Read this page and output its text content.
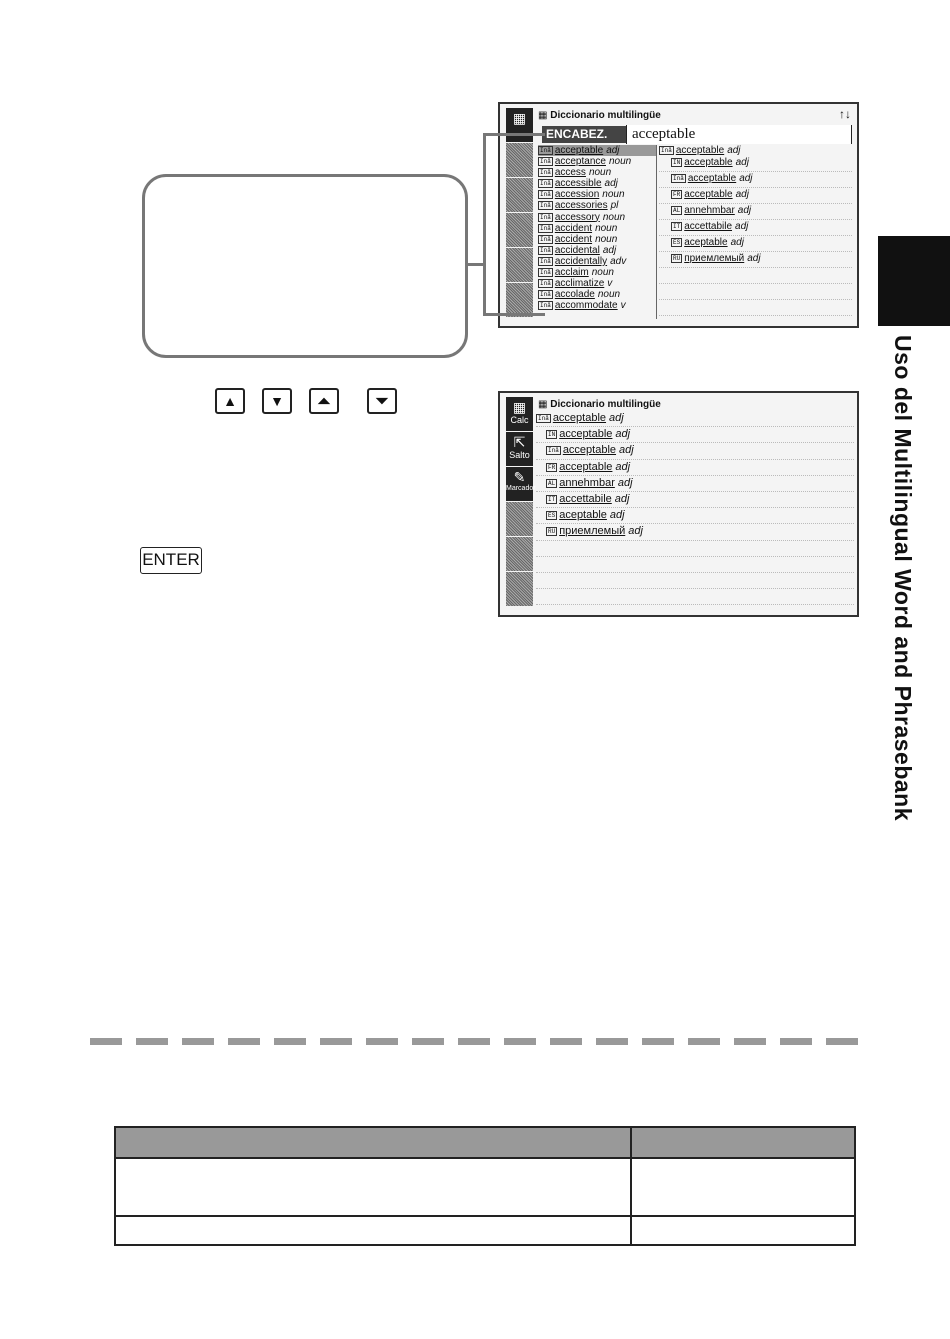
▦
▦	Diccionario multilingüe	↑↓
ENCABEZ.	acceptable
Inå acceptable adj
Inå acceptance noun
Inå access noun
Inå accessible adj
Inå accession noun
Inå accessories pl
Inå accessory noun
Inå accident noun
Inå accident noun
Inå accidental adj
Inå accidentally adv
Inå acclaim noun
Inå acclimatize v
Inå accolade noun
Inå accommodate v
Inå acceptable adj
IN acceptable adj
Inå acceptable adj
FR acceptable adj
AL annehmbar adj
IT accettabile adj
ES aceptable adj
RU приемлемый adj
▲	▼	⏶	⏷
ENTER
▦
Calc
⇱
Salto
✎
Marcador
▦ Diccionario multilingüe
Inå acceptable adj
IN acceptable adj
Inå acceptable adj
FR acceptable adj
AL annehmbar adj
IT accettabile adj
ES aceptable adj
RU приемлемый adj	Uso del Multilingual Word and Phrasebank
